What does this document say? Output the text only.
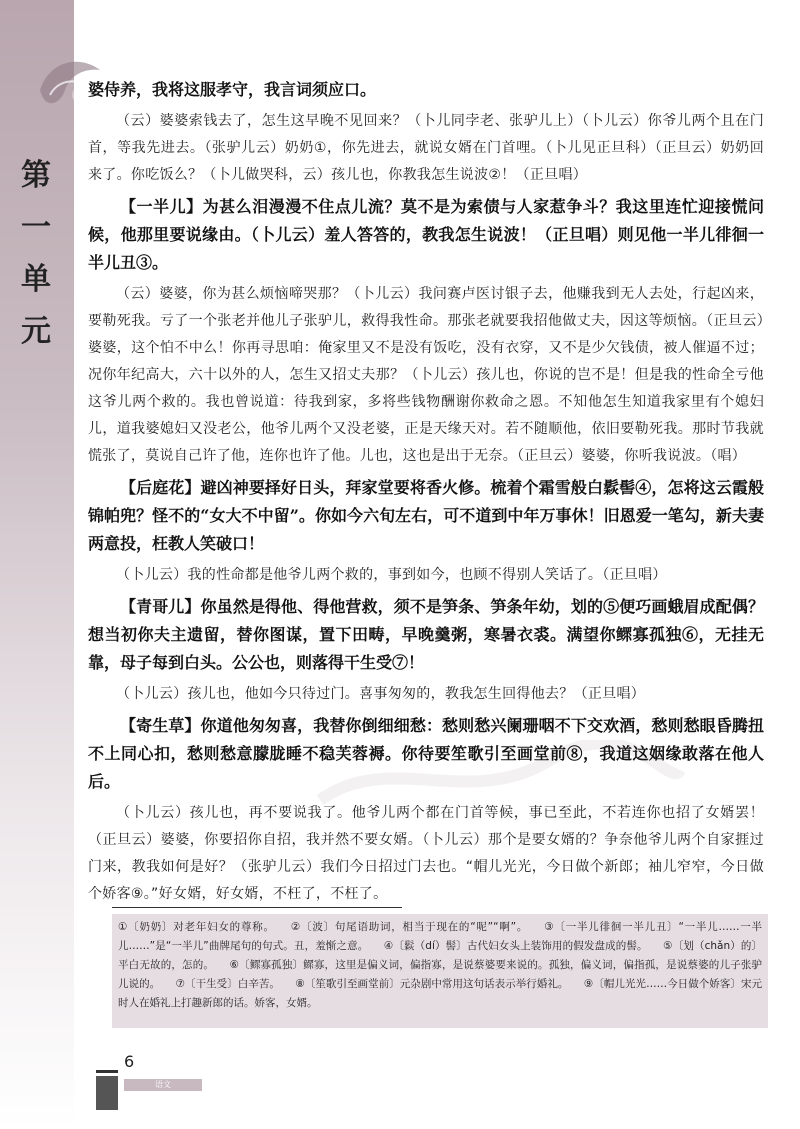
第
一
单
元

婆侍养，我将这服孝守，我言词须应口。

（云）婆婆索钱去了，怎生这早晚不见回来？（卜儿同孛老、张驴儿上）（卜儿云）你爷儿两个且在门首，等我先进去。（张驴儿云）奶奶①，你先进去，就说女婿在门首哩。（卜儿见正旦科）（正旦云）奶奶回来了。你吃饭么？（卜儿做哭科，云）孩儿也，你教我怎生说波②！（正旦唱）

【一半儿】为甚么泪漫漫不住点儿流？莫不是为索债与人家惹争斗？我这里连忙迎接慌问候，他那里要说缘由。（卜儿云）羞人答答的，教我怎生说波！（正旦唱）则见他一半儿徘徊一半儿丑③。

（云）婆婆，你为甚么烦恼啼哭那？（卜儿云）我问赛卢医讨银子去，他赚我到无人去处，行起凶来，要勒死我。亏了一个张老并他儿子张驴儿，救得我性命。那张老就要我招他做丈夫，因这等烦恼。（正旦云）婆婆，这个怕不中么！你再寻思咱：俺家里又不是没有饭吃，没有衣穿，又不是少欠钱债，被人催逼不过；况你年纪高大，六十以外的人，怎生又招丈夫那？（卜儿云）孩儿也，你说的岂不是！但是我的性命全亏他这爷儿两个救的。我也曾说道：待我到家，多将些钱物酬谢你救命之恩。不知他怎生知道我家里有个媳妇儿，道我婆媳妇又没老公，他爷儿两个又没老婆，正是天缘天对。若不随顺他，依旧要勒死我。那时节我就慌张了，莫说自己许了他，连你也许了他。儿也，这也是出于无奈。（正旦云）婆婆，你听我说波。（唱）

【后庭花】避凶神要择好日头，拜家堂要将香火修。梳着个霜雪般白鬏髻④，怎将这云霞般锦帕兜？怪不的“女大不中留”。你如今六旬左右，可不道到中年万事休！旧恩爱一笔勾，新夫妻两意投，枉教人笑破口！

（卜儿云）我的性命都是他爷儿两个救的，事到如今，也顾不得别人笑话了。（正旦唱）

【青哥儿】你虽然是得他、得他营救，须不是笋条、笋条年幼，划的⑤便巧画蛾眉成配偶？想当初你夫主遗留，替你图谋，置下田畴，早晚羹粥，寒暑衣裘。满望你鳏寡孤独⑥，无挂无靠，母子每到白头。公公也，则落得干生受⑦！

（卜儿云）孩儿也，他如今只待过门。喜事匆匆的，教我怎生回得他去？（正旦唱）

【寄生草】你道他匆匆喜，我替你倒细细愁：愁则愁兴阑珊咽不下交欢酒，愁则愁眼昏腾扭不上同心扣，愁则愁意朦胧睡不稳芙蓉褥。你待要笙歌引至画堂前⑧，我道这姻缘敢落在他人后。

（卜儿云）孩儿也，再不要说我了。他爷儿两个都在门首等候，事已至此，不若连你也招了女婿罢！（正旦云）婆婆，你要招你自招，我并然不要女婿。（卜儿云）那个是要女婿的？争奈他爷儿两个自家捱过门来，教我如何是好？（张驴儿云）我们今日招过门去也。“帽儿光光，今日做个新郎；袖儿窄窄，今日做个娇客⑨。”好女婿，好女婿，不枉了，不枉了。

①〔奶奶〕对老年妇女的尊称。 ②〔波〕句尾语助词，相当于现在的“呢”“啊”。 ③〔一半儿徘徊一半儿丑〕“一半儿……一半儿……”是“一半儿”曲牌尾句的句式。丑，羞惭之意。 ④〔鬏（dí）髻〕古代妇女头上装饰用的假发盘成的髻。 ⑤〔划（chǎn）的〕平白无故的，怎的。 ⑥〔鳏寡孤独〕鳏寡，这里是偏义词，偏指寡，是说蔡婆要来说的。孤独，偏义词，偏指孤，是说蔡婆的儿子张驴儿说的。 ⑦〔干生受〕白辛苦。 ⑧〔笙歌引至画堂前〕元杂剧中常用这句话表示举行婚礼。 ⑨〔帽儿光光……今日做个娇客〕宋元时人在婚礼上打趣新郎的话。娇客，女婿。
6
语文
